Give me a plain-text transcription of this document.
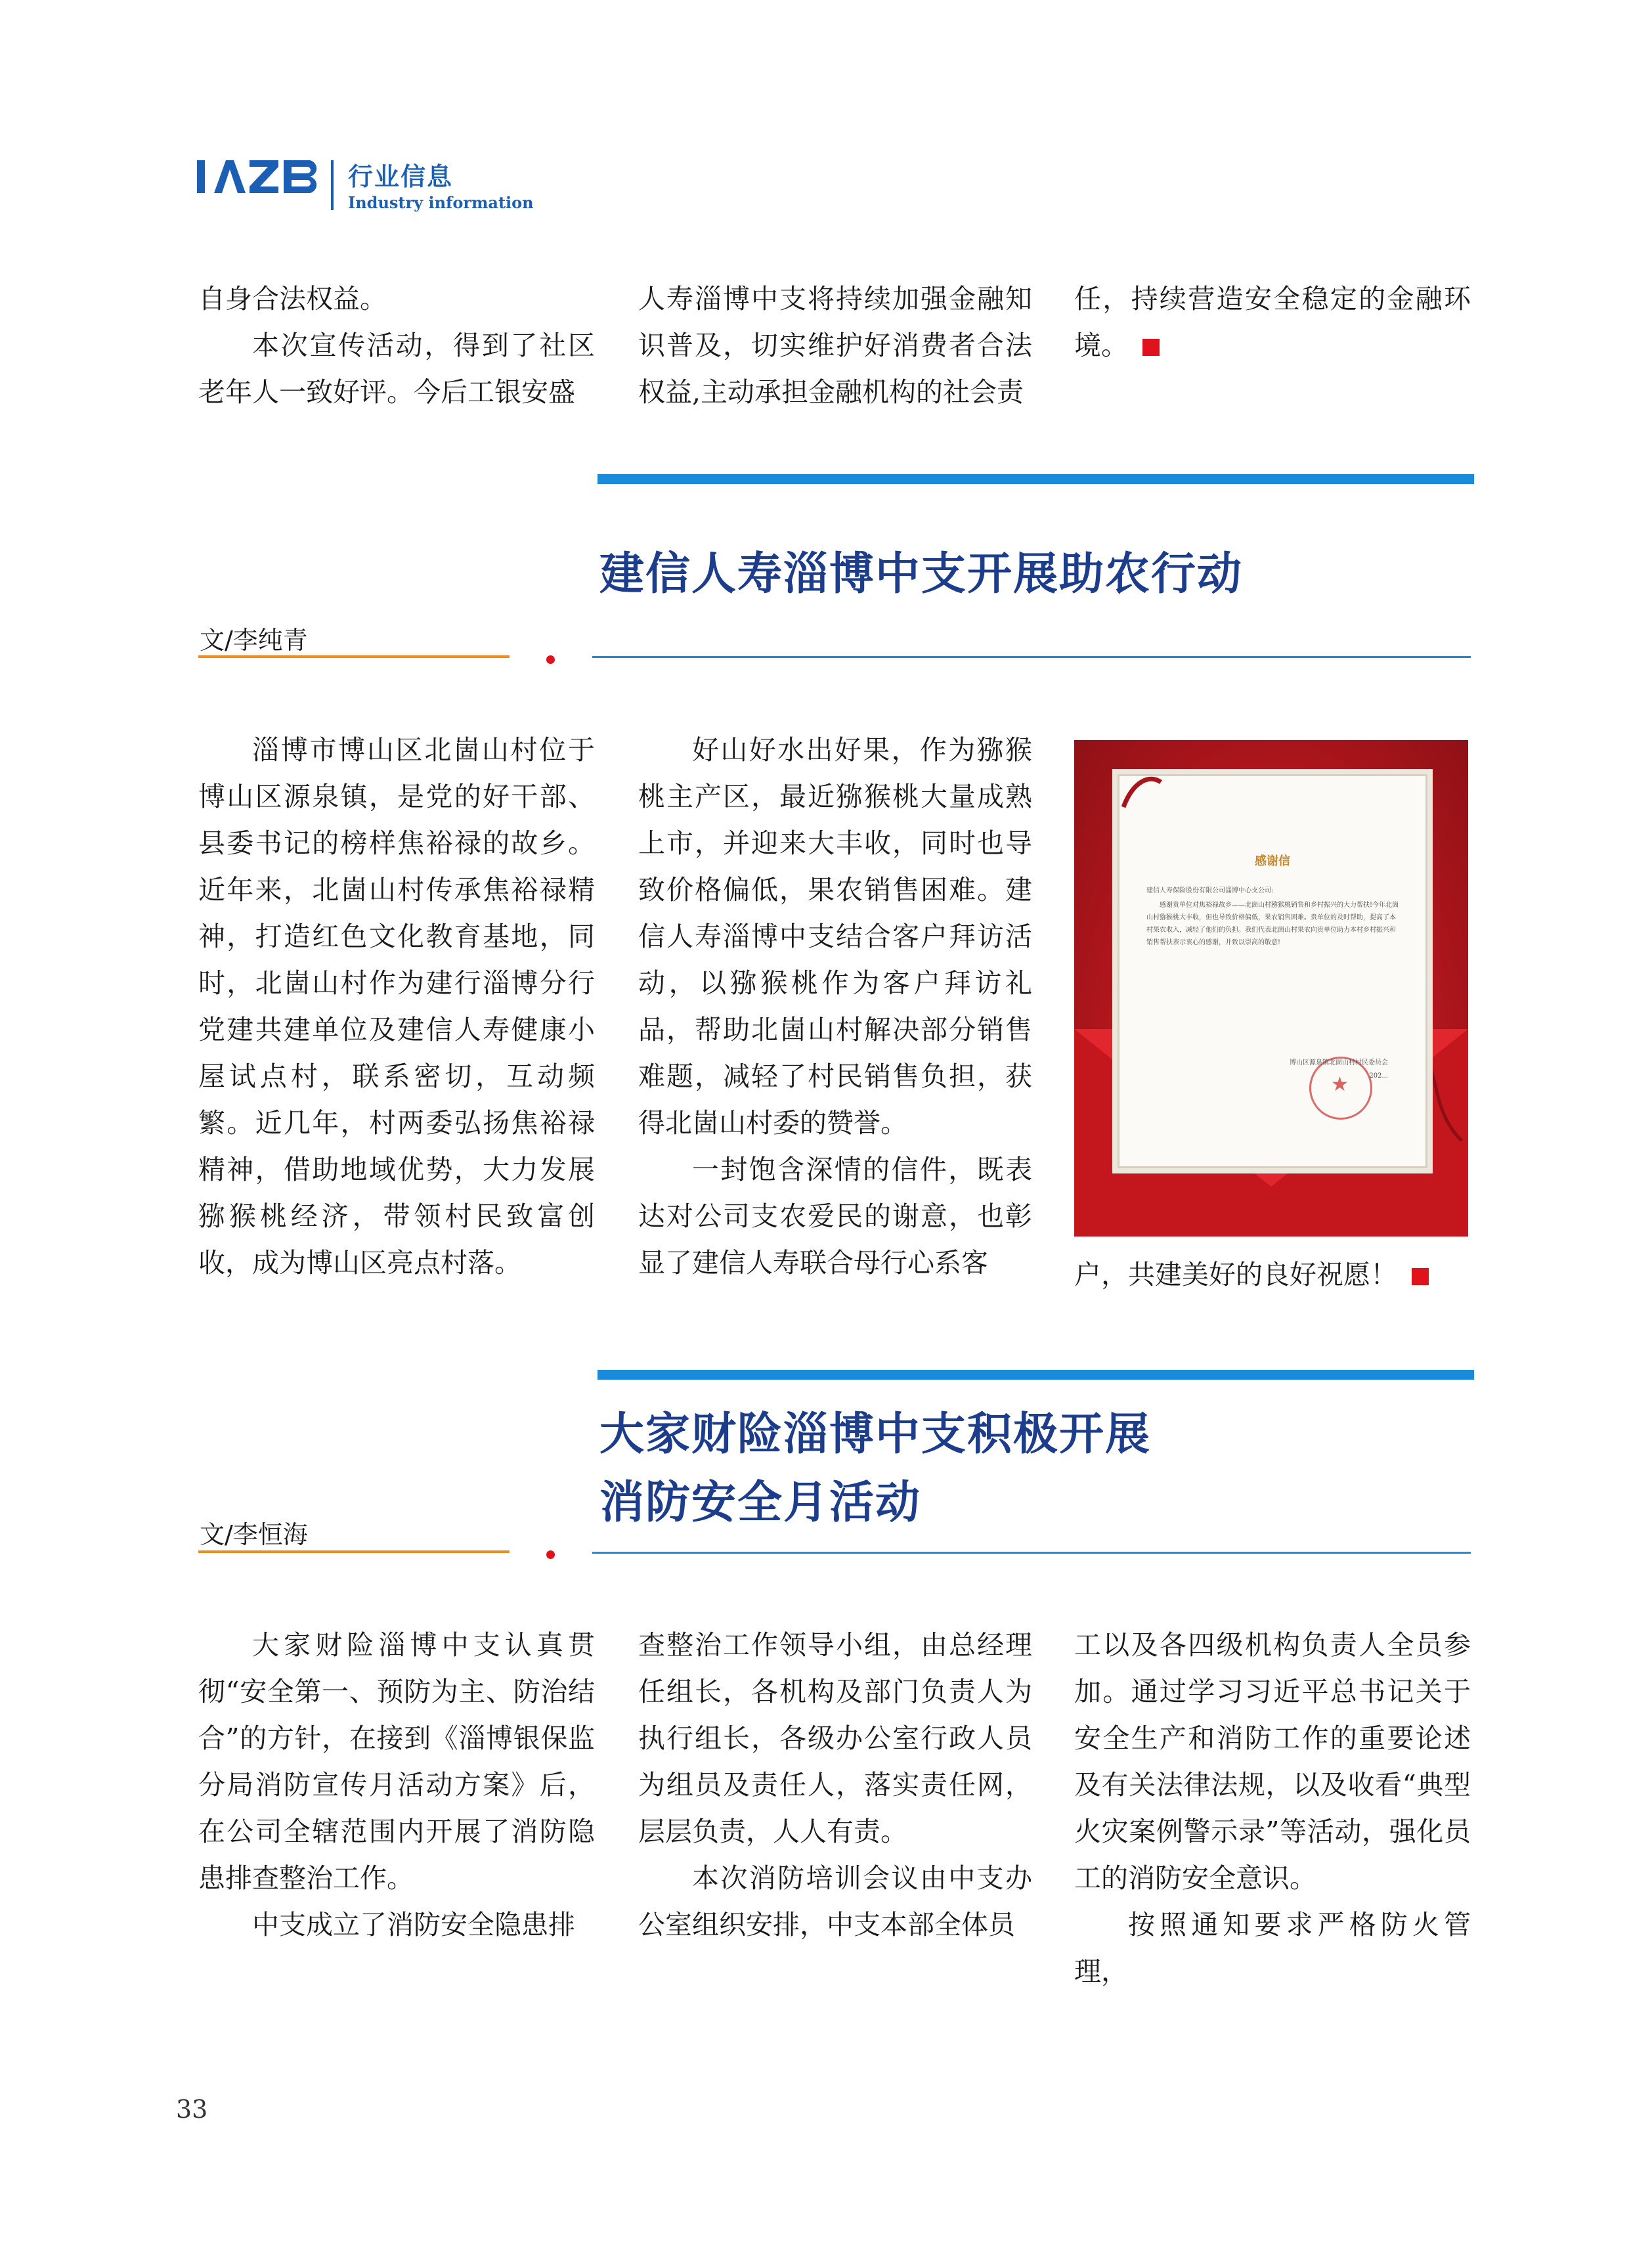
行业信息
Industry information

自身合法权益。

本次宣传活动，得到了社区老年人一致好评。今后工银安盛

人寿淄博中支将持续加强金融知识普及，切实维护好消费者合法权益,主动承担金融机构的社会责

任，持续营造安全稳定的金融环境。

建信人寿淄博中支开展助农行动
文/李纯青

淄博市博山区北崮山村位于博山区源泉镇，是党的好干部、县委书记的榜样焦裕禄的故乡。近年来，北崮山村传承焦裕禄精神，打造红色文化教育基地，同时，北崮山村作为建行淄博分行党建共建单位及建信人寿健康小屋试点村，联系密切，互动频繁。近几年，村两委弘扬焦裕禄精神，借助地域优势，大力发展猕猴桃经济，带领村民致富创收，成为博山区亮点村落。

好山好水出好果，作为猕猴桃主产区，最近猕猴桃大量成熟上市，并迎来大丰收，同时也导致价格偏低，果农销售困难。建信人寿淄博中支结合客户拜访活动，以猕猴桃作为客户拜访礼品，帮助北崮山村解决部分销售难题，减轻了村民销售负担，获得北崮山村委的赞誉。

一封饱含深情的信件，既表达对公司支农爱民的谢意，也彰显了建信人寿联合母行心系客

感谢信

建信人寿保险股份有限公司淄博中心支公司:

感谢贵单位对焦裕禄故乡——北崮山村猕猴桃销售和乡村振兴的大力帮扶!今年北崮山村猕猴桃大丰收，但也导致价格偏低，果农销售困难。贵单位的及时帮助，提高了本村果农收入，减轻了他们的负担。我们代表北崮山村果农向贵单位助力本村乡村振兴和销售帮扶表示衷心的感谢，并致以崇高的敬意!

★
博山区源泉镇北崮山村村民委员会
202...

户，共建美好的良好祝愿！

大家财险淄博中支积极开展
消防安全月活动
文/李恒海

大家财险淄博中支认真贯彻“安全第一、预防为主、防治结合”的方针，在接到《淄博银保监分局消防宣传月活动方案》后，在公司全辖范围内开展了消防隐患排查整治工作。

中支成立了消防安全隐患排

查整治工作领导小组，由总经理任组长，各机构及部门负责人为执行组长，各级办公室行政人员为组员及责任人，落实责任网，层层负责，人人有责。

本次消防培训会议由中支办公室组织安排，中支本部全体员

工以及各四级机构负责人全员参加。通过学习习近平总书记关于安全生产和消防工作的重要论述及有关法律法规，以及收看“典型火灾案例警示录”等活动，强化员工的消防安全意识。

按照通知要求严格防火管理，

33
